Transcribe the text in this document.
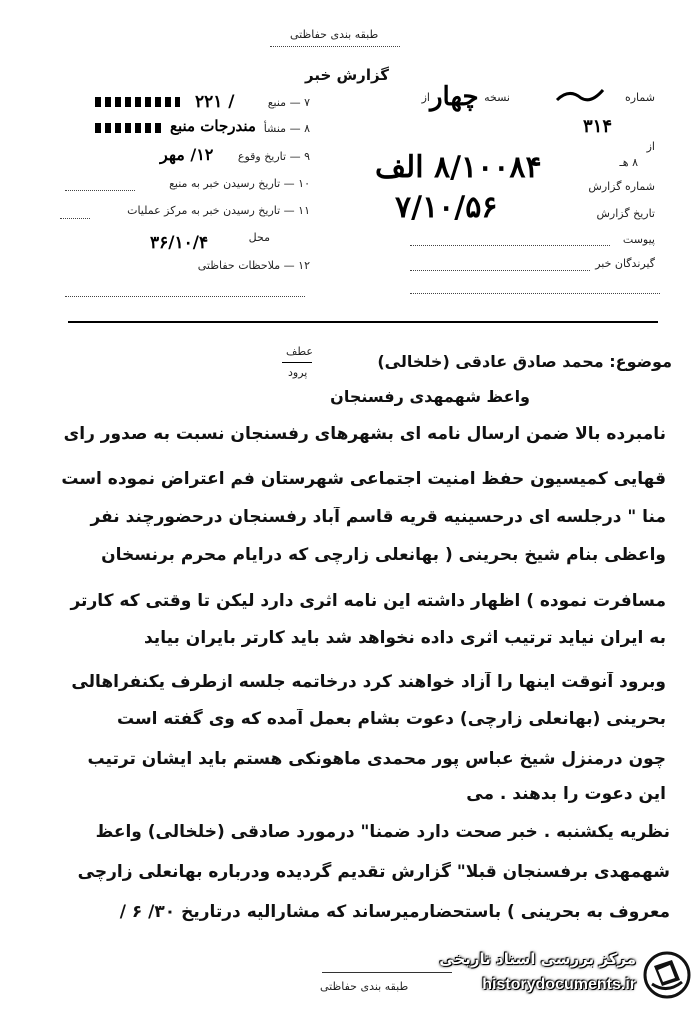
طبقه بندی حفاظتی
گزارش خبر
شماره
از	نسخه
چهار
۳۱۴
از
۸ هـ
شماره گزارش
۸/۱۰۰۸۴ الف
تاریخ گزارش
۷/۱۰/۵۶
پیوست
گیرندگان خبر
۷ — منبع
۲۲۱ /
۸ — منشأ
مندرجات منبع
۹ — تاریخ وقوع
۱۲/ مهر
۱۰ — تاریخ رسیدن خبر به منبع
۱۱ — تاریخ رسیدن خبر به مرکز عملیات
محل
۳۶/۱۰/۴
۱۲ — ملاحظات حفاظتی
عطف
پرود
موضوع: محمد صادق عادقی (خلخالی)
واعظ شهمهدی رفسنجان
نامبرده بالا ضمن ارسال نامه ای بشهرهای رفسنجان نسبت به صدور رای
قهایی کمیسیون حفظ امنیت اجتماعی شهرستان فم اعتراض نموده است
منا " درجلسه ای درحسینیه قریه قاسم آباد رفسنجان درحضورچند نفر
واعظی بنام شیخ بحرینی ( بهانعلی زارچی که درایام محرم برنسخان
مسافرت نموده ) اظهار داشته این نامه اثری دارد لیکن تا وقتی که کارتر
به ایران نیاید ترتیب اثری داده نخواهد شد باید کارتر بایران بیاید
وبرود آنوقت اینها را آزاد خواهند کرد درخاتمه جلسه ازطرف یکنفراهالی
بحرینی (بهانعلی زارچی) دعوت بشام بعمل آمده که وی گفته است
چون درمنزل شیخ عباس پور محمدی ماهونکی هستم باید ایشان ترتیب
این دعوت را بدهند . می
نظریه یکشنبه . خبر صحت دارد ضمنا" درمورد صادقی (خلخالی) واعظ
شهمهدی برفسنجان قبلا" گزارش تقدیم گردیده ودرباره بهانعلی زارچی
معروف به بحرینی ) باستحضارمیرساند که مشارالیه درتاریخ ۳۰/ ۶ /
طبقه بندی حفاظتی
مرکز بررسی اسناد تاریخی
historydocuments.ir
